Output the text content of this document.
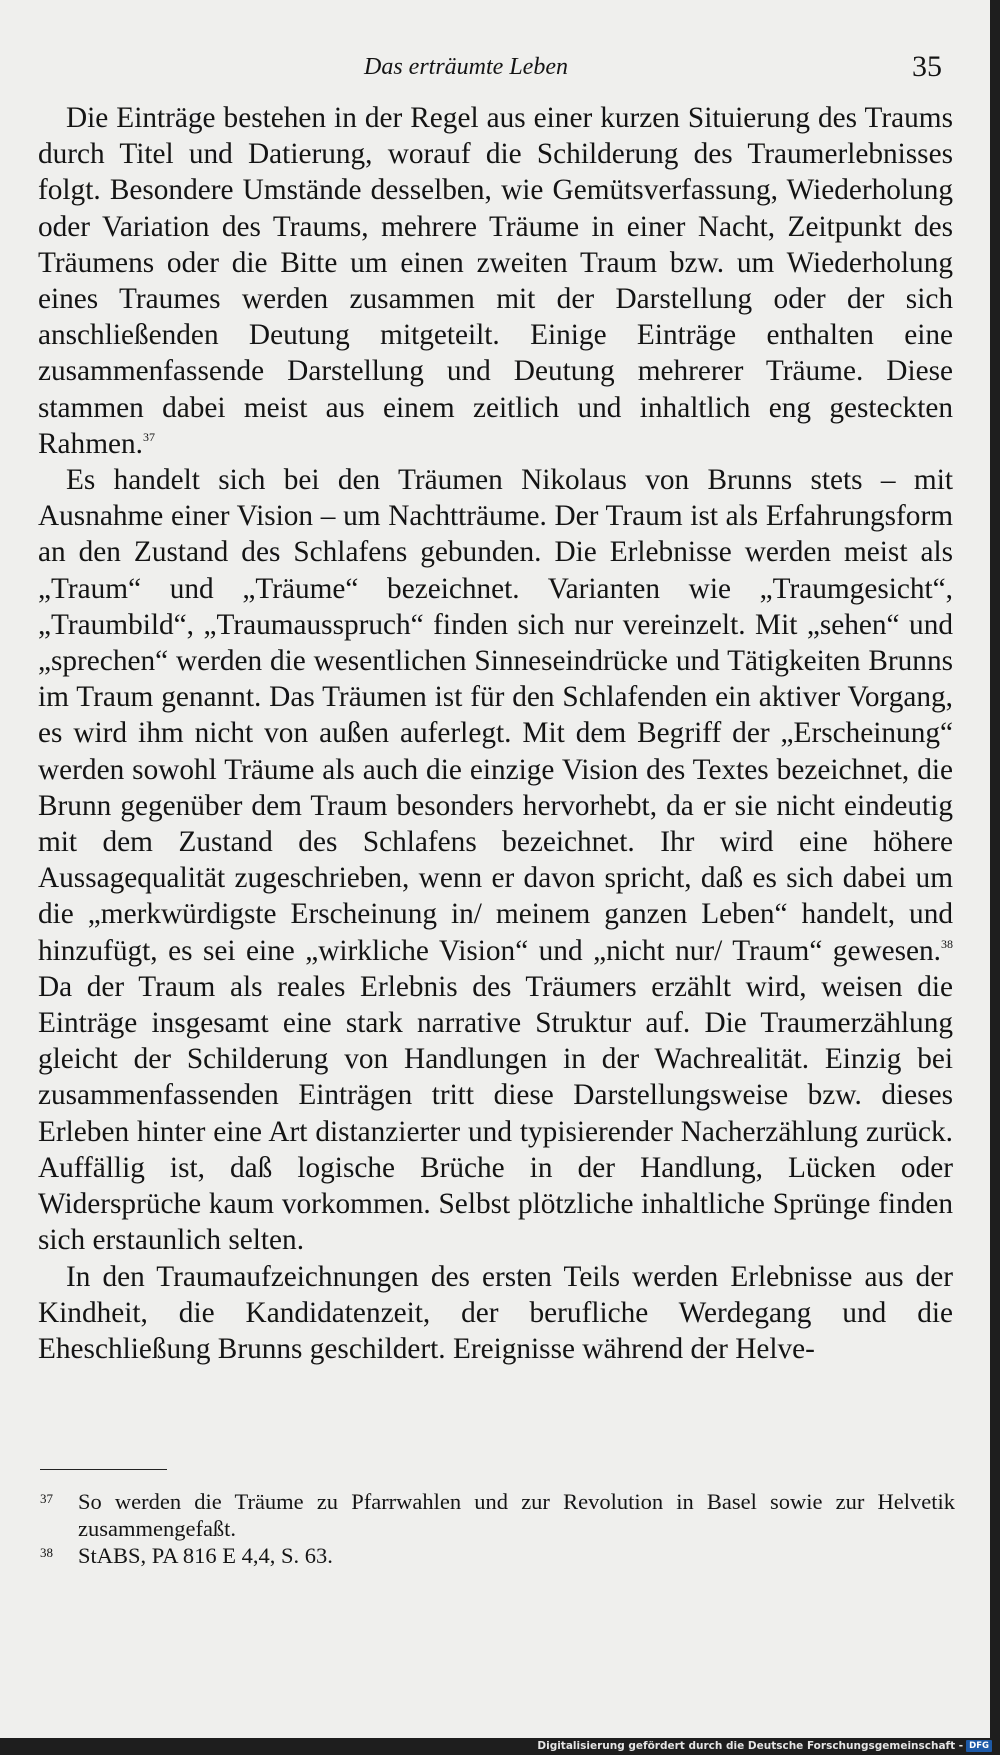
Das erträumte Leben	35

Die Einträge bestehen in der Regel aus einer kurzen Situierung des Traums durch Titel und Datierung, worauf die Schilderung des Traumerlebnisses folgt. Besondere Umstände desselben, wie Gemütsverfassung, Wiederholung oder Variation des Traums, mehrere Träume in einer Nacht, Zeitpunkt des Träumens oder die Bitte um einen zweiten Traum bzw. um Wiederholung eines Traumes werden zusammen mit der Darstellung oder der sich anschließenden Deutung mitgeteilt. Einige Einträge enthalten eine zusammenfassende Darstellung und Deutung mehrerer Träume. Diese stammen dabei meist aus einem zeitlich und inhaltlich eng gesteckten Rahmen.$^{37}$

Es handelt sich bei den Träumen Nikolaus von Brunns stets – mit Ausnahme einer Vision – um Nachtträume. Der Traum ist als Erfahrungsform an den Zustand des Schlafens gebunden. Die Erlebnisse werden meist als „Traum“ und „Träume“ bezeichnet. Varianten wie „Traumgesicht“, „Traumbild“, „Traumausspruch“ finden sich nur vereinzelt. Mit „sehen“ und „sprechen“ werden die wesentlichen Sinneseindrücke und Tätigkeiten Brunns im Traum genannt. Das Träumen ist für den Schlafenden ein aktiver Vorgang, es wird ihm nicht von außen auferlegt. Mit dem Begriff der „Erscheinung“ werden sowohl Träume als auch die einzige Vision des Textes bezeichnet, die Brunn gegenüber dem Traum besonders hervorhebt, da er sie nicht eindeutig mit dem Zustand des Schlafens bezeichnet. Ihr wird eine höhere Aussagequalität zugeschrieben, wenn er davon spricht, daß es sich dabei um die „merkwürdigste Erscheinung in/ meinem ganzen Leben“ handelt, und hinzufügt, es sei eine „wirkliche Vision“ und „nicht nur/ Traum“ gewesen.$^{38}$ Da der Traum als reales Erlebnis des Träumers erzählt wird, weisen die Einträge insgesamt eine stark narrative Struktur auf. Die Traumerzählung gleicht der Schilderung von Handlungen in der Wachrealität. Einzig bei zusammenfassenden Einträgen tritt diese Darstellungsweise bzw. dieses Erleben hinter eine Art distanzierter und typisierender Nacherzählung zurück. Auffällig ist, daß logische Brüche in der Handlung, Lücken oder Widersprüche kaum vorkommen. Selbst plötzliche inhaltliche Sprünge finden sich erstaunlich selten.

In den Traumaufzeichnungen des ersten Teils werden Erlebnisse aus der Kindheit, die Kandidatenzeit, der berufliche Werdegang und die Eheschließung Brunns geschildert. Ereignisse während der Helve-

37	So werden die Träume zu Pfarrwahlen und zur Revolution in Basel sowie zur Helvetik zusammengefaßt.
38	StABS, PA 816 E 4,4, S. 63.
Digitalisierung gefördert durch die Deutsche Forschungsgemeinschaft - DFG
